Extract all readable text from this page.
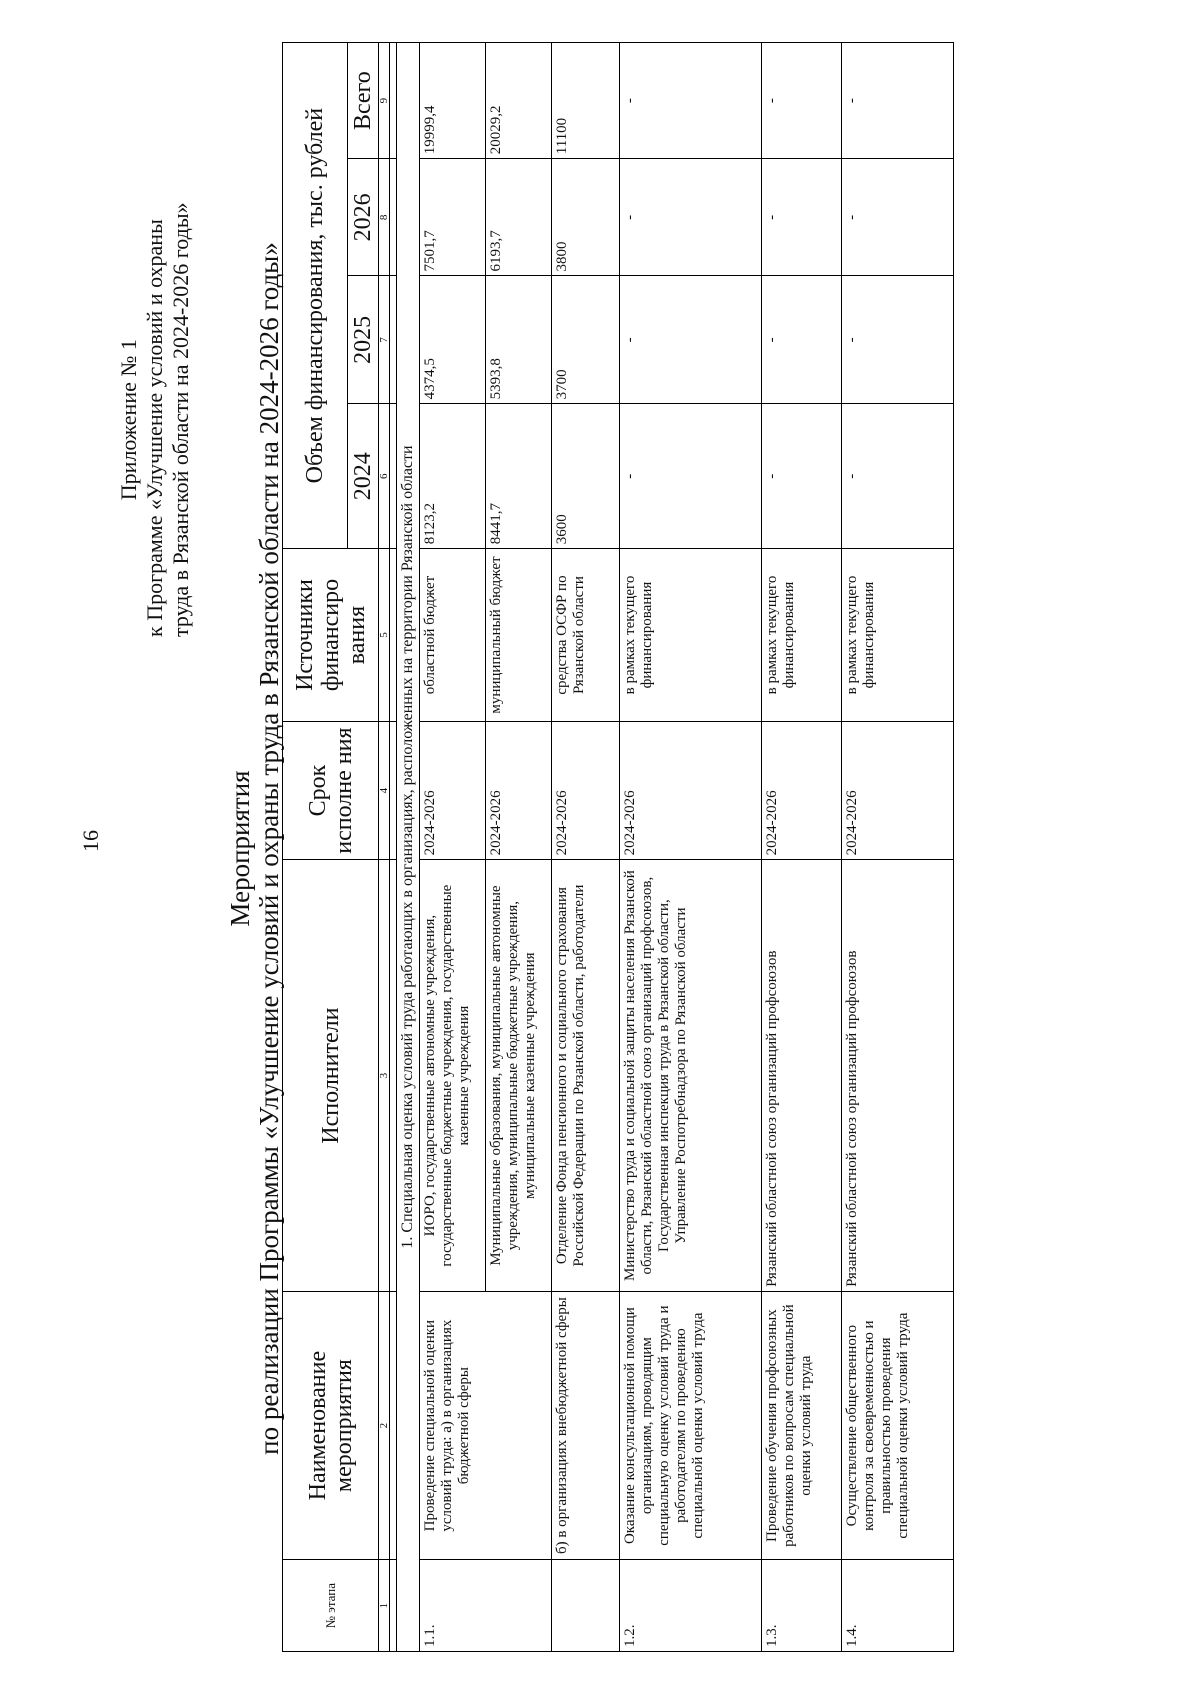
16
Приложение № 1 к Программе «Улучшение условий и охраны труда в Рязанской области на 2024-2026 годы»
Мероприятия по реализации Программы «Улучшение условий и охраны труда в Рязанской области на 2024-2026 годы»
№ этапа	Наименование мероприятия	Исполнители	Срок исполне ния	Источники финансиро вания	Объем финансирования, тыс. рублей			
					2024	2025	2026	Всего
1	2	3	4	5	6	7	8	9

1. Специальная оценка условий труда работающих в организациях, расположенных на территории Рязанской области								
1.1.	Проведение специальной оценки условий труда: а) в организациях бюджетной сферы	ИОРО, государственные автономные учреждения, государственные бюджетные учреждения, государственные казенные учреждения	2024-2026	областной бюджет	8123,2	4374,5	7501,7	19999,4
		Муниципальные образования, муниципальные автономные учреждения, муниципальные бюджетные учреждения, муниципальные казенные учреждения	2024-2026	муниципальный бюджет	8441,7	5393,8	6193,7	20029,2
	б) в организациях внебюджетной сферы	Отделение Фонда пенсионного и социального страхования Российской Федерации по Рязанской области, работодатели	2024-2026	средства ОСФР по Рязанской области	3600	3700	3800	11100
1.2.	Оказание консультационной помощи организациям, проводящим специальную оценку условий труда и работодателям по проведению специальной оценки условий труда	Министерство труда и социальной защиты населения Рязанской области, Рязанский областной союз организаций профсоюзов, Государственная инспекция труда в Рязанской области, Управление Роспотребнадзора по Рязанской области	2024-2026	в рамках текущего финансирования	-	-	-	-
1.3.	Проведение обучения профсоюзных работников по вопросам специальной оценки условий труда	Рязанский областной союз организаций профсоюзов	2024-2026	в рамках текущего финансирования	-	-	-	-
1.4.	Осуществление общественного контроля за своевременностью и правильностью проведения специальной оценки условий труда	Рязанский областной союз организаций профсоюзов	2024-2026	в рамках текущего финансирования	-	-	-	-
